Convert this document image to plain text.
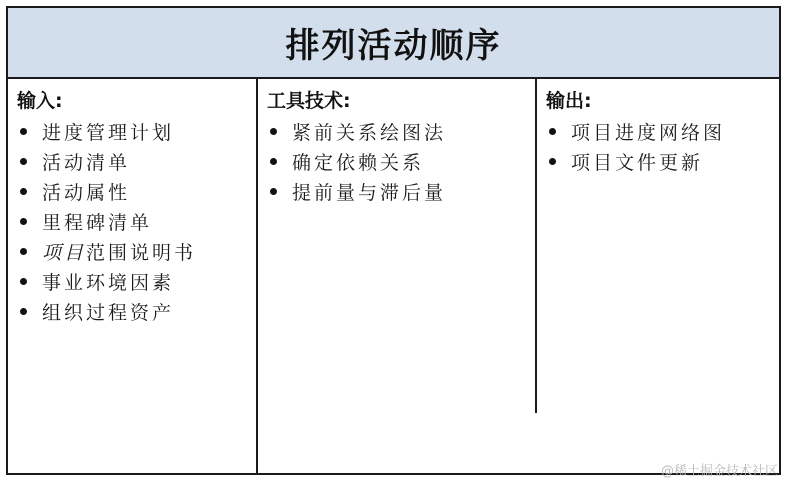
排列活动顺序
输入:
进度管理计划
活动清单
活动属性
里程碑清单
项目 范围说明书
事业环境因素
组织过程资产
工具技术:
紧前关系绘图法
确定依赖关系
提前量与滞后量
输出:
项目进度网络图
项目文件更新
@稀土掘金技术社区
